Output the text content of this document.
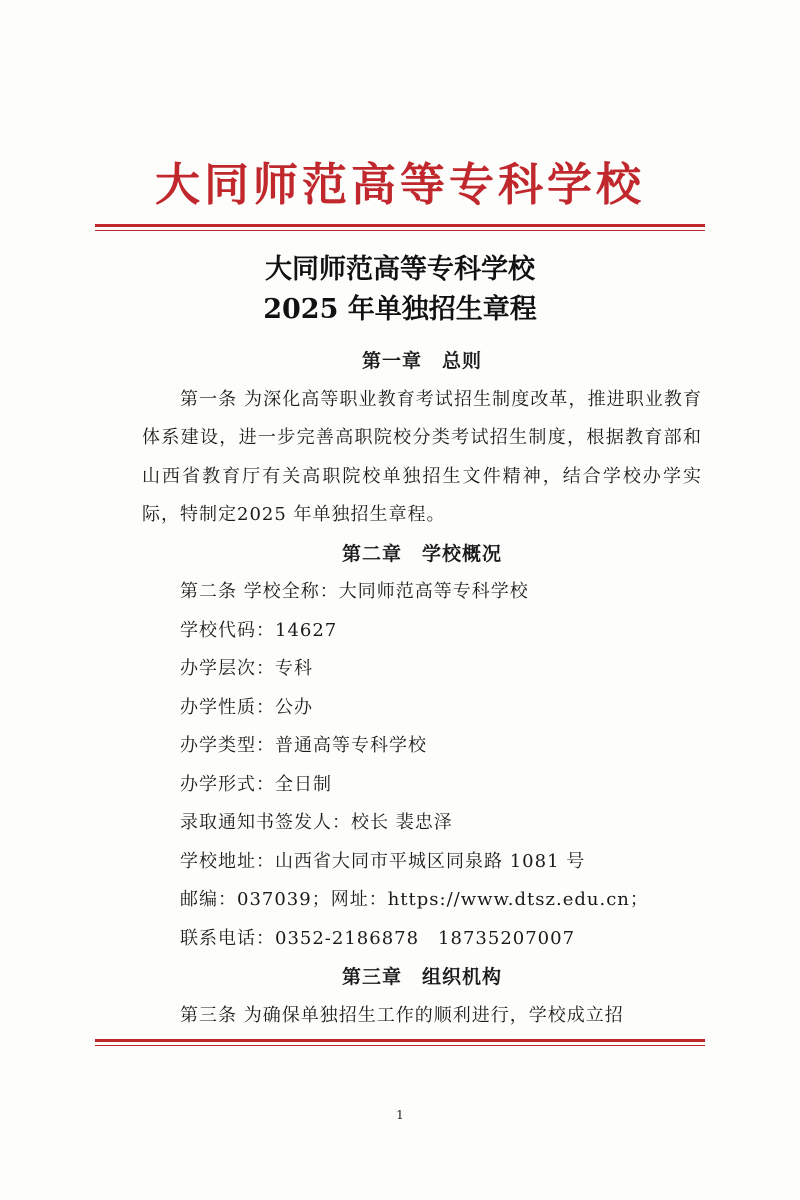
大同师范高等专科学校
大同师范高等专科学校
2025 年单独招生章程
第一章　总则
第一条 为深化高等职业教育考试招生制度改革，推进职业教育体系建设，进一步完善高职院校分类考试招生制度，根据教育部和山西省教育厅有关高职院校单独招生文件精神，结合学校办学实际，特制定2025 年单独招生章程。
第二章　学校概况
第二条 学校全称：大同师范高等专科学校
学校代码：14627
办学层次：专科
办学性质：公办
办学类型：普通高等专科学校
办学形式：全日制
录取通知书签发人：校长 裴忠泽
学校地址：山西省大同市平城区同泉路 1081 号
邮编：037039；网址：https://www.dtsz.edu.cn；
联系电话：0352-2186878　18735207007
第三章　组织机构
第三条 为确保单独招生工作的顺利进行，学校成立招
1
